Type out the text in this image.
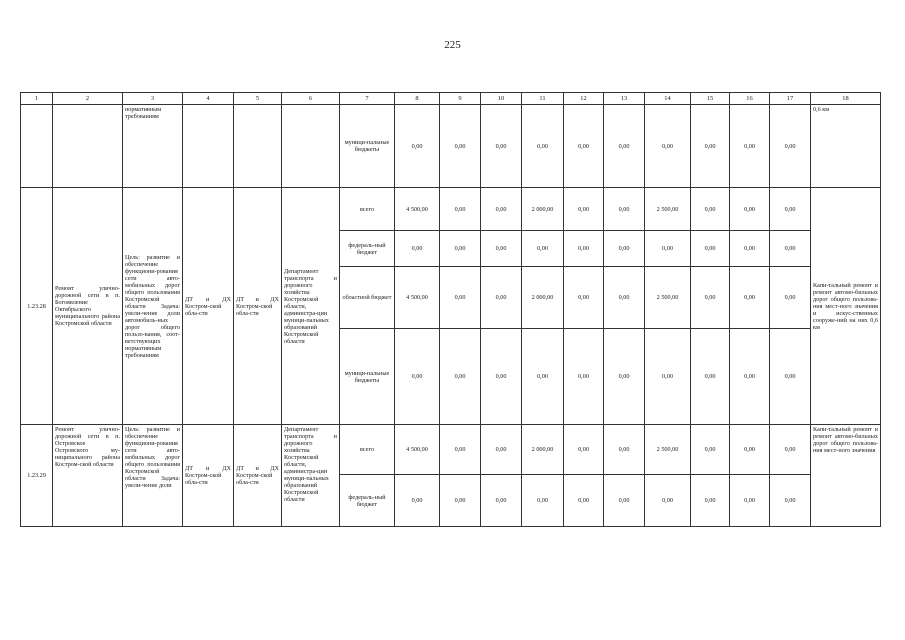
225
1	2	3	4	5	6	7	8	9	10	11	12	13	14	15	16	17	18
		нормативным требованиям				муници-пальные бюджеты	0,00	0,00	0,00	0,00	0,00	0,00	0,00	0,00	0,00	0,00	0,6 км
1.23.28	Ремонт улично-дорожной сети в п. Богоявление Октябрьского муниципального района Костромской области	Цель: развитие и обеспечение функциони-рования сети авто-мобильных дорог общего пользования Костромской области Задача: увели-чение доли автомобиль-ных дорог общего пользо-вания, соот-ветствующих нормативным требованиям	ДТ и ДХ Костром-ской обла-сти	ДТ и ДХ Костром-ской обла-сти	Департамент транспорта и дорожного хозяйства Костромской области, администра-ции муници-пальных образований Костромской области	всего	4 500,00	0,00	0,00	2 000,00	0,00	0,00	2 500,00	0,00	0,00	0,00	Капи-тальный ремонт и ремонт автомо-бильных дорог общего пользова-ния мест-ного значения и искус-ственных сооруже-ний на них 0,6 км
						федераль-ный бюджет	0,00	0,00	0,00	0,00	0,00	0,00	0,00	0,00	0,00	0,00	
						областной бюджет	4 500,00	0,00	0,00	2 000,00	0,00	0,00	2 500,00	0,00	0,00	0,00	
						муници-пальные бюджеты	0,00	0,00	0,00	0,00	0,00	0,00	0,00	0,00	0,00	0,00	
1.23.29	Ремонт улично-дорожной сети в п. Островское Островского му-ниципального района Костром-ской области	Цель: развитие и обеспечение функциони-рования сети авто-мобильных дорог общего пользования Костромской области Задача: увели-чение доли	ДТ и ДХ Костром-ской обла-сти	ДТ и ДХ Костром-ской обла-сти	Департамент транспорта и дорожного хозяйства Костромской области, администра-ции муници-пальных образований Костромской области	всего	4 500,00	0,00	0,00	2 000,00	0,00	0,00	2 500,00	0,00	0,00	0,00	Капи-тальный ремонт и ремонт автомо-бильных дорог общего пользова-ния мест-ного значения
						федераль-ный бюджет	0,00	0,00	0,00	0,00	0,00	0,00	0,00	0,00	0,00	0,00	
